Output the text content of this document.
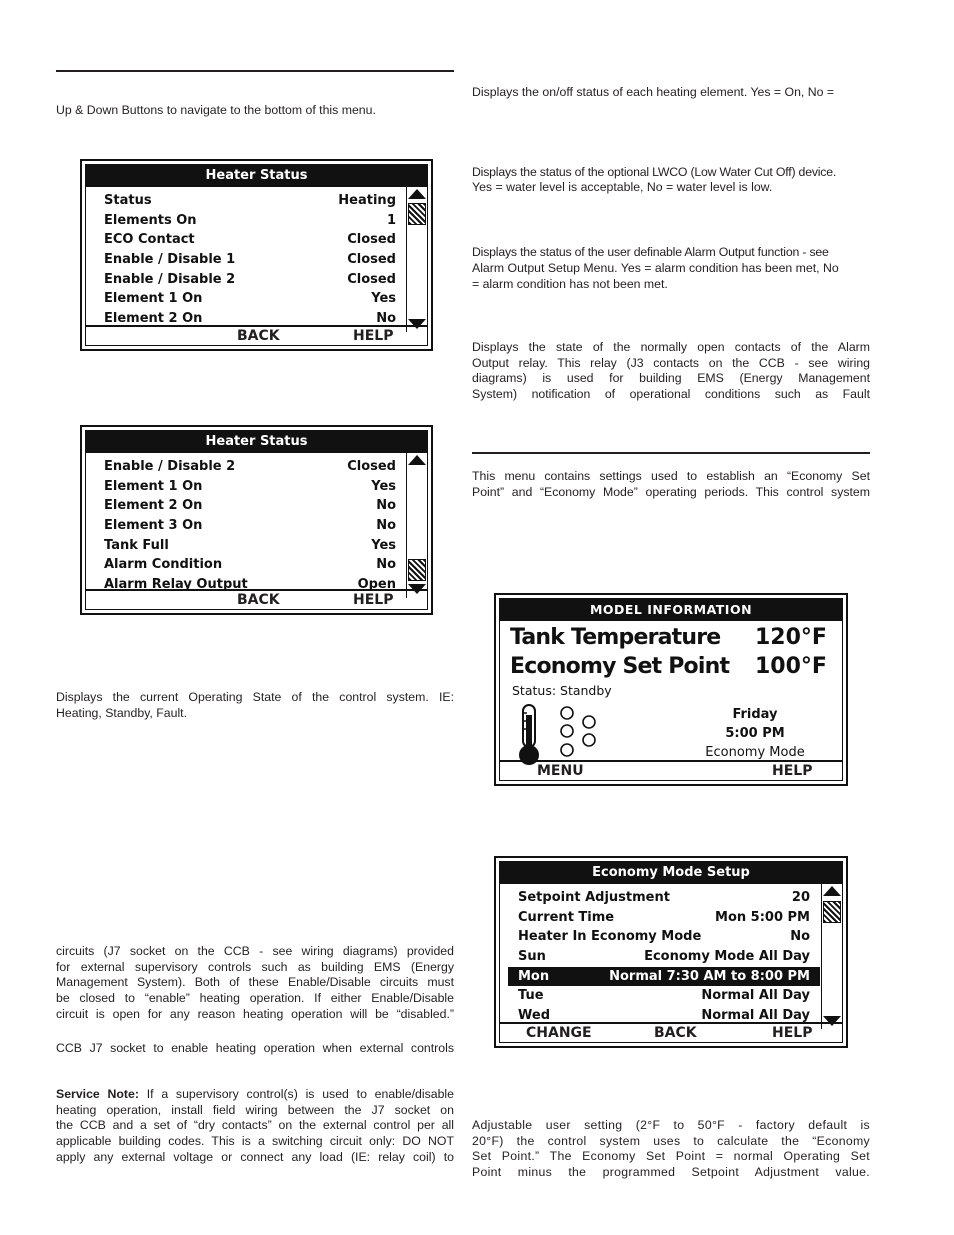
Up & Down Buttons to navigate to the bottom of this menu.

Heater Status
Status	Heating
Elements On	1
ECO Contact	Closed
Enable / Disable 1	Closed
Enable / Disable 2	Closed
Element 1 On	Yes
Element 2 On	No
BACK	HELP
Heater Status
Enable / Disable 2	Closed
Element 1 On	Yes
Element 2 On	No
Element 3 On	No
Tank Full	Yes
Alarm Condition	No
Alarm Relay Output	Open
BACK	HELP

Displays the current Operating State of the control system. IE:

Heating, Standby, Fault.

circuits (J7 socket on the CCB - see wiring diagrams) provided

for external supervisory controls such as building EMS (Energy

Management System). Both of these Enable/Disable circuits must

be closed to “enable” heating operation. If either Enable/Disable

circuit is open for any reason heating operation will be “disabled.”

CCB J7 socket to enable heating operation when external controls

Service Note: If a supervisory control(s) is used to enable/disable

heating operation, install field wiring between the J7 socket on

the CCB and a set of “dry contacts” on the external control per all

applicable building codes. This is a switching circuit only: DO NOT

apply any external voltage or connect any load (IE: relay coil) to

Displays the on/off status of each heating element. Yes = On, No =

Displays the status of the optional LWCO (Low Water Cut Off) device.

Yes = water level is acceptable, No = water level is low.

Displays the status of the user definable Alarm Output function - see

Alarm Output Setup Menu. Yes = alarm condition has been met, No

= alarm condition has not been met.

Displays the state of the normally open contacts of the Alarm

Output relay. This relay (J3 contacts on the CCB - see wiring

diagrams) is used for building EMS (Energy Management

System) notification of operational conditions such as Fault

This menu contains settings used to establish an “Economy Set

Point” and “Economy Mode” operating periods. This control system

MODEL INFORMATION
Tank Temperature 120°F
Economy Set Point 100°F
Status: Standby
Friday
5:00 PM
Economy Mode
MENU	HELP
Economy Mode Setup
Setpoint Adjustment	20
Current Time	Mon 5:00 PM
Heater In Economy Mode	No
Sun	Economy Mode All Day
Mon	Normal 7:30 AM to 8:00 PM
Tue	Normal All Day
Wed	Normal All Day
CHANGE	BACK	HELP

Adjustable user setting (2°F to 50°F - factory default is

20°F) the control system uses to calculate the “Economy

Set Point.” The Economy Set Point = normal Operating Set

Point minus the programmed Setpoint Adjustment value.
